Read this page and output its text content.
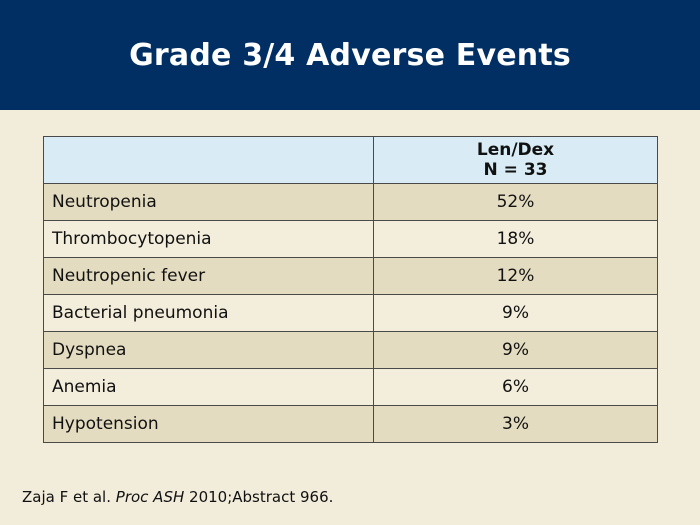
Grade 3/4 Adverse Events

	Len/Dex
N = 33

Neutropenia	52%
Thrombocytopenia	18%
Neutropenic fever	12%
Bacterial pneumonia	9%
Dyspnea	9%
Anemia	6%
Hypotension	3%
Zaja F et al. Proc ASH 2010;Abstract 966.
